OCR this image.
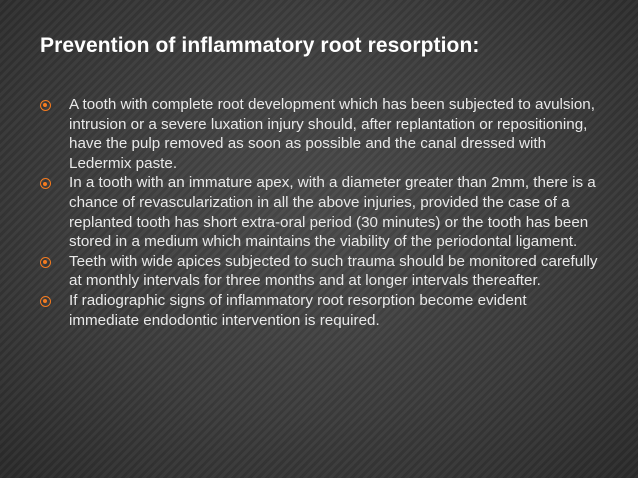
Prevention of inflammatory root resorption:
A tooth with complete root development which has been subjected to avulsion, intrusion or a severe luxation injury should, after replantation or repositioning, have the pulp removed as soon as possible and the canal dressed with Ledermix paste.
In a tooth with an immature apex, with a diameter greater than 2mm, there is a chance of revascularization in all the above injuries, provided the case of a replanted tooth has short extra-oral period (30 minutes) or the tooth has been stored in a medium which maintains the viability of the periodontal ligament.
Teeth with wide apices subjected to such trauma should be monitored carefully at monthly intervals for three months and at longer intervals thereafter.
If radiographic signs of inflammatory root resorption become evident immediate endodontic intervention is required.
